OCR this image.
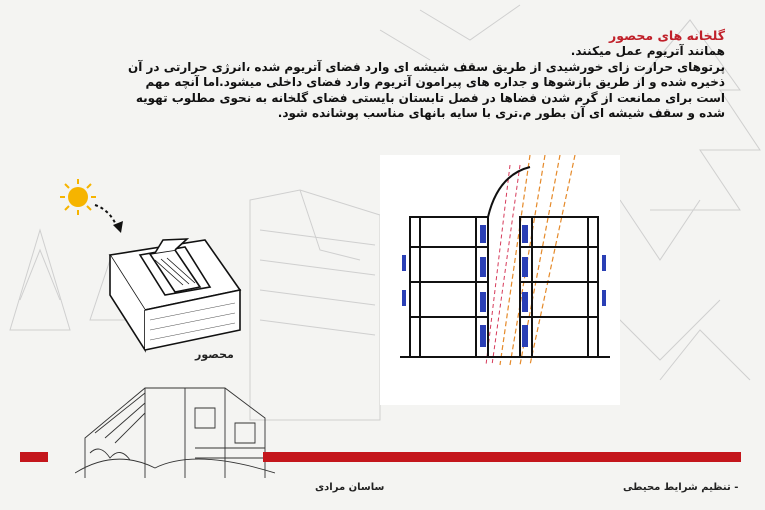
گلخانه های محصور
همانند آتریوم عمل میکنند.
پرتوهای حرارت زای خورشیدی از طریق سقف شیشه ای وارد فضای آتریوم شده ،انرژی حرارتی در آن
ذخیره شده و از طریق بازشوها و جداره های پیرامون آتریوم وارد فضای داخلی میشود.اما آنچه مهم
است برای ممانعت از گرم شدن فضاها در فصل تابستان بایستی فضای گلخانه به نحوی مطلوب تهویه
شده و سقف شیشه ای آن بطور م.تری با سایه بانهای مناسب پوشانده شود.
محصور
ساسان مرادی	- تنظیم شرایط محیطی
